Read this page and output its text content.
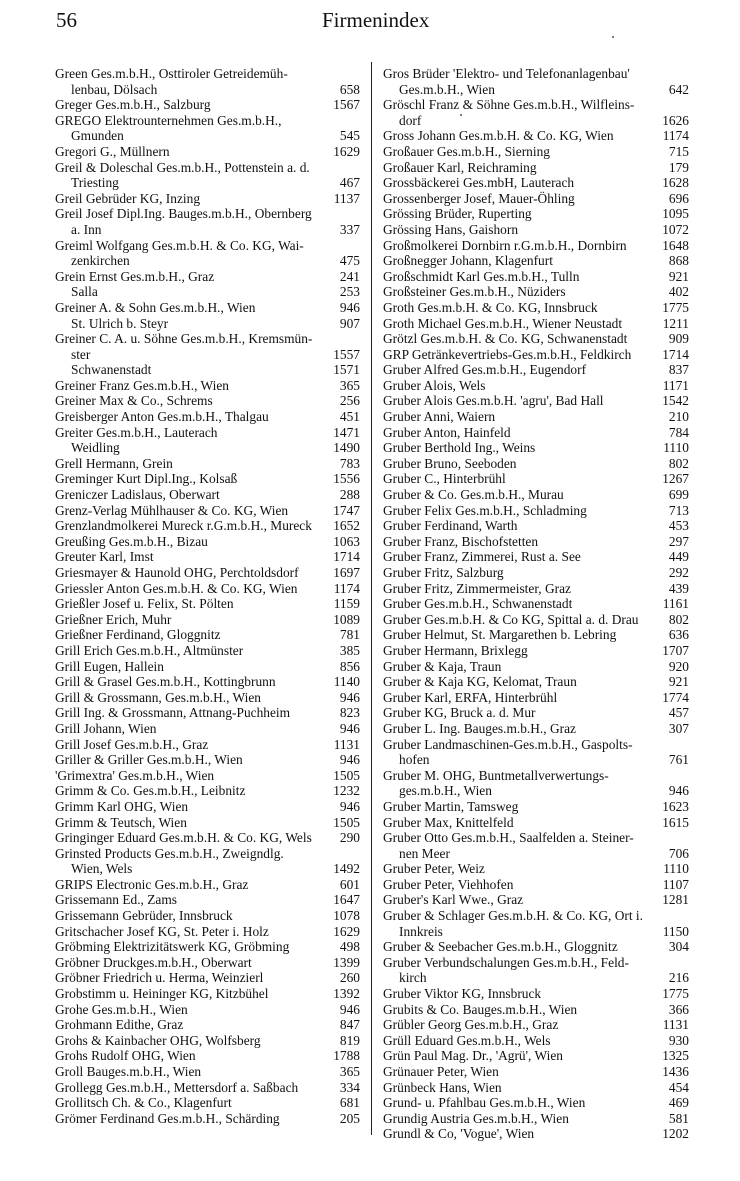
56	Firmenindex
Green Ges.m.b.H., Osttiroler Getreidemüh-
lenbau, Dölsach	658
Greger Ges.m.b.H., Salzburg	1567
GREGO Elektrounternehmen Ges.m.b.H.,
Gmunden	545
Gregori G., Müllnern	1629
Greil & Doleschal Ges.m.b.H., Pottenstein a. d.
Triesting	467
Greil Gebrüder KG, Inzing	1137
Greil Josef Dipl.Ing. Bauges.m.b.H., Obernberg
a. Inn	337
Greiml Wolfgang Ges.m.b.H. & Co. KG, Wai-
zenkirchen	475
Grein Ernst Ges.m.b.H., Graz	241
Salla	253
Greiner A. & Sohn Ges.m.b.H., Wien	946
St. Ulrich b. Steyr	907
Greiner C. A. u. Söhne Ges.m.b.H., Kremsmün-
ster	1557
Schwanenstadt	1571
Greiner Franz Ges.m.b.H., Wien	365
Greiner Max & Co., Schrems	256
Greisberger Anton Ges.m.b.H., Thalgau	451
Greiter Ges.m.b.H., Lauterach	1471
Weidling	1490
Grell Hermann, Grein	783
Greminger Kurt Dipl.Ing., Kolsaß	1556
Greniczer Ladislaus, Oberwart	288
Grenz-Verlag Mühlhauser & Co. KG, Wien	1747
Grenzlandmolkerei Mureck r.G.m.b.H., Mureck	1652
Greußing Ges.m.b.H., Bizau	1063
Greuter Karl, Imst	1714
Griesmayer & Haunold OHG, Perchtoldsdorf	1697
Griessler Anton Ges.m.b.H. & Co. KG, Wien	1174
Grießler Josef u. Felix, St. Pölten	1159
Grießner Erich, Muhr	1089
Grießner Ferdinand, Gloggnitz	781
Grill Erich Ges.m.b.H., Altmünster	385
Grill Eugen, Hallein	856
Grill & Grasel Ges.m.b.H., Kottingbrunn	1140
Grill & Grossmann, Ges.m.b.H., Wien	946
Grill Ing. & Grossmann, Attnang-Puchheim	823
Grill Johann, Wien	946
Grill Josef Ges.m.b.H., Graz	1131
Griller & Griller Ges.m.b.H., Wien	946
'Grimextra' Ges.m.b.H., Wien	1505
Grimm & Co. Ges.m.b.H., Leibnitz	1232
Grimm Karl OHG, Wien	946
Grimm & Teutsch, Wien	1505
Gringinger Eduard Ges.m.b.H. & Co. KG, Wels	290
Grinsted Products Ges.m.b.H., Zweigndlg.
Wien, Wels	1492
GRIPS Electronic Ges.m.b.H., Graz	601
Grissemann Ed., Zams	1647
Grissemann Gebrüder, Innsbruck	1078
Gritschacher Josef KG, St. Peter i. Holz	1629
Gröbming Elektrizitätswerk KG, Gröbming	498
Gröbner Druckges.m.b.H., Oberwart	1399
Gröbner Friedrich u. Herma, Weinzierl	260
Grobstimm u. Heininger KG, Kitzbühel	1392
Grohe Ges.m.b.H., Wien	946
Grohmann Edithe, Graz	847
Grohs & Kainbacher OHG, Wolfsberg	819
Grohs Rudolf OHG, Wien	1788
Groll Bauges.m.b.H., Wien	365
Grollegg Ges.m.b.H., Mettersdorf a. Saßbach	334
Grollitsch Ch. & Co., Klagenfurt	681
Grömer Ferdinand Ges.m.b.H., Schärding	205
Gros Brüder 'Elektro- und Telefonanlagenbau'
Ges.m.b.H., Wien	642
Gröschl Franz & Söhne Ges.m.b.H., Wilfleins-
dorf	1626
Gross Johann Ges.m.b.H. & Co. KG, Wien	1174
Großauer Ges.m.b.H., Sierning	715
Großauer Karl, Reichraming	179
Grossbäckerei Ges.mbH, Lauterach	1628
Grossenberger Josef, Mauer-Öhling	696
Grössing Brüder, Ruperting	1095
Grössing Hans, Gaishorn	1072
Großmolkerei Dornbirn r.G.m.b.H., Dornbirn	1648
Großnegger Johann, Klagenfurt	868
Großschmidt Karl Ges.m.b.H., Tulln	921
Großsteiner Ges.m.b.H., Nüziders	402
Groth Ges.m.b.H. & Co. KG, Innsbruck	1775
Groth Michael Ges.m.b.H., Wiener Neustadt	1211
Grötzl Ges.m.b.H. & Co. KG, Schwanenstadt	909
GRP Getränkevertriebs-Ges.m.b.H., Feldkirch	1714
Gruber Alfred Ges.m.b.H., Eugendorf	837
Gruber Alois, Wels	1171
Gruber Alois Ges.m.b.H. 'agru', Bad Hall	1542
Gruber Anni, Waiern	210
Gruber Anton, Hainfeld	784
Gruber Berthold Ing., Weins	1110
Gruber Bruno, Seeboden	802
Gruber C., Hinterbrühl	1267
Gruber & Co. Ges.m.b.H., Murau	699
Gruber Felix Ges.m.b.H., Schladming	713
Gruber Ferdinand, Warth	453
Gruber Franz, Bischofstetten	297
Gruber Franz, Zimmerei, Rust a. See	449
Gruber Fritz, Salzburg	292
Gruber Fritz, Zimmermeister, Graz	439
Gruber Ges.m.b.H., Schwanenstadt	1161
Gruber Ges.m.b.H. & Co KG, Spittal a. d. Drau	802
Gruber Helmut, St. Margarethen b. Lebring	636
Gruber Hermann, Brixlegg	1707
Gruber & Kaja, Traun	920
Gruber & Kaja KG, Kelomat, Traun	921
Gruber Karl, ERFA, Hinterbrühl	1774
Gruber KG, Bruck a. d. Mur	457
Gruber L. Ing. Bauges.m.b.H., Graz	307
Gruber Landmaschinen-Ges.m.b.H., Gaspolts-
hofen	761
Gruber M. OHG, Buntmetallverwertungs-
ges.m.b.H., Wien	946
Gruber Martin, Tamsweg	1623
Gruber Max, Knittelfeld	1615
Gruber Otto Ges.m.b.H., Saalfelden a. Steiner-
nen Meer	706
Gruber Peter, Weiz	1110
Gruber Peter, Viehhofen	1107
Gruber's Karl Wwe., Graz	1281
Gruber & Schlager Ges.m.b.H. & Co. KG, Ort i.
Innkreis	1150
Gruber & Seebacher Ges.m.b.H., Gloggnitz	304
Gruber Verbundschalungen Ges.m.b.H., Feld-
kirch	216
Gruber Viktor KG, Innsbruck	1775
Grubits & Co. Bauges.m.b.H., Wien	366
Grübler Georg Ges.m.b.H., Graz	1131
Grüll Eduard Ges.m.b.H., Wels	930
Grün Paul Mag. Dr., 'Agrü', Wien	1325
Grünauer Peter, Wien	1436
Grünbeck Hans, Wien	454
Grund- u. Pfahlbau Ges.m.b.H., Wien	469
Grundig Austria Ges.m.b.H., Wien	581
Grundl & Co, 'Vogue', Wien	1202
